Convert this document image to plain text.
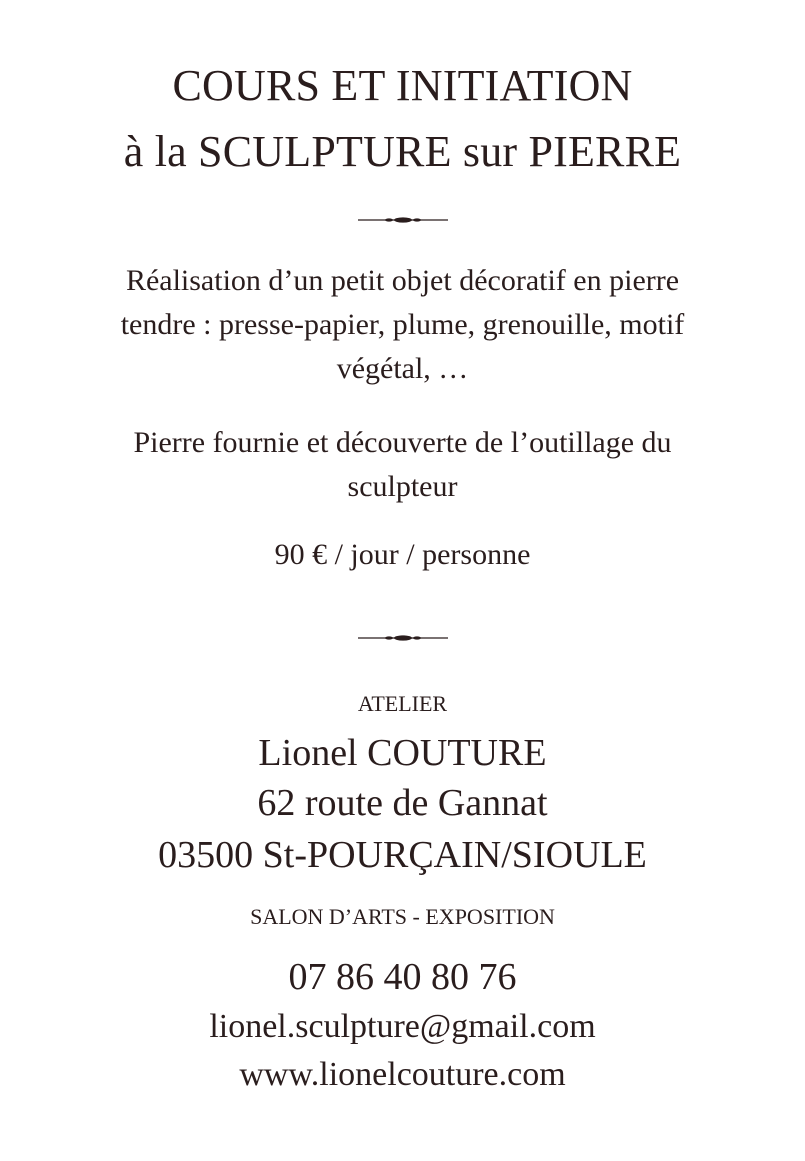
COURS ET INITIATION
à la SCULPTURE sur PIERRE
Réalisation d’un petit objet décoratif en pierre
tendre : presse-papier, plume, grenouille, motif
végétal, …
Pierre fournie et découverte de l’outillage du
sculpteur
90 € / jour / personne
ATELIER
Lionel COUTURE
62 route de Gannat
03500 St-POURÇAIN/SIOULE
SALON D’ARTS - EXPOSITION
07 86 40 80 76
lionel.sculpture@gmail.com
www.lionelcouture.com
